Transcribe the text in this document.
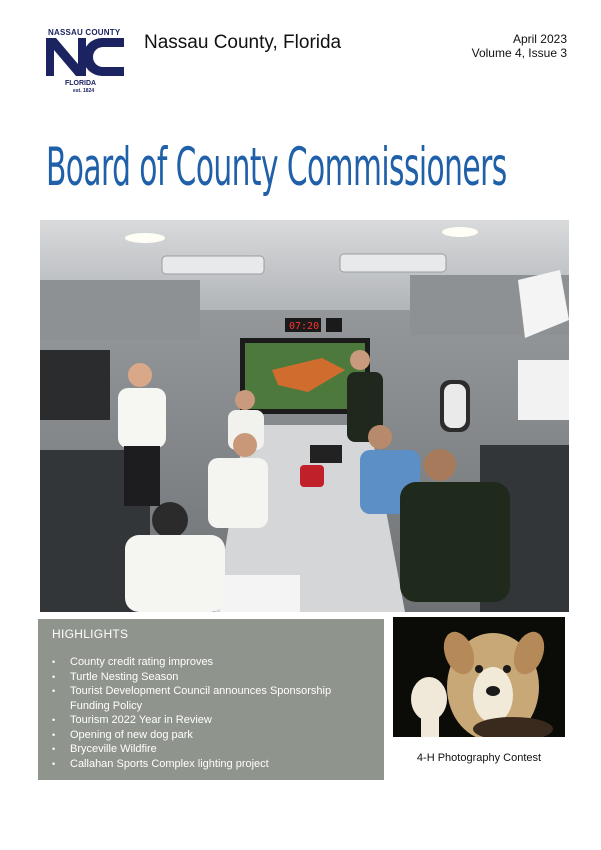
NASSAU COUNTY
FLORIDA
est. 1824
Nassau County, Florida	April 2023
Volume 4, Issue 3
Board of County Commissioners
07:20
HIGHLIGHTS
• County credit rating improves
• Turtle Nesting Season
• Tourist Development Council announces Sponsorship Funding Policy
• Tourism 2022 Year in Review
• Opening of new dog park
• Bryceville Wildfire
• Callahan Sports Complex lighting project	4-H Photography Contest
